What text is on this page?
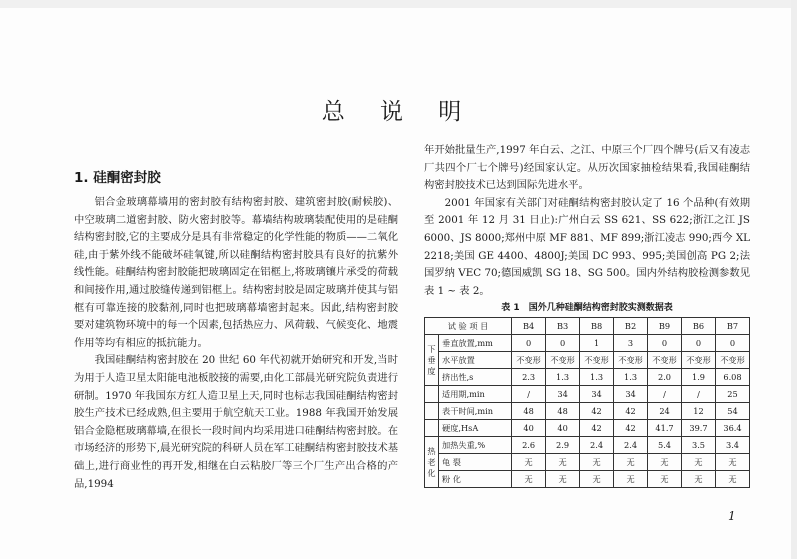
总 说 明
1. 硅酮密封胶

铝合金玻璃幕墙用的密封胶有结构密封胶、建筑密封胶(耐候胶)、中空玻璃二道密封胶、防火密封胶等。幕墙结构玻璃装配使用的是硅酮结构密封胶,它的主要成分是具有非常稳定的化学性能的物质——二氧化硅,由于紫外线不能破坏硅氧键,所以硅酮结构密封胶具有良好的抗紫外线性能。硅酮结构密封胶能把玻璃固定在铝框上,将玻璃镶片承受的荷载和间接作用,通过胶缝传递到铝框上。结构密封胶是固定玻璃并使其与铝框有可靠连接的胶黏剂,同时也把玻璃幕墙密封起来。因此,结构密封胶要对建筑物环境中的每一个因素,包括热应力、风荷载、气候变化、地震作用等均有相应的抵抗能力。

我国硅酮结构密封胶在 20 世纪 60 年代初就开始研究和开发,当时为用于人造卫星太阳能电池板胶接的需要,由化工部晨光研究院负责进行研制。1970 年我国东方红人造卫星上天,同时也标志我国硅酮结构密封胶生产技术已经成熟,但主要用于航空航天工业。1988 年我国开始发展铝合金隐框玻璃幕墙,在很长一段时间内均采用进口硅酮结构密封胶。在市场经济的形势下,晨光研究院的科研人员在军工硅酮结构密封胶技术基础上,进行商业性的再开发,相继在白云粘胶厂等三个厂生产出合格的产品,1994

年开始批量生产,1997 年白云、之江、中原三个厂四个牌号(后又有凌志厂共四个厂七个牌号)经国家认定。从历次国家抽检结果看,我国硅酮结构密封胶技术已达到国际先进水平。

2001 年国家有关部门对硅酮结构密封胶认定了 16 个品种(有效期至 2001 年 12 月 31 日止):广州白云 SS 621、SS 622;浙江之江 JS 6000、JS 8000;郑州中原 MF 881、MF 899;浙江凌志 990;西今 XL 2218;美国 GE 4400、4800J;美国 DC 993、995;美国创高 PG 2;法国罗纳 VEC 70;德国威凯 SG 18、SG 500。国内外结构胶检测参数见表 1 ~ 表 2。

表 1　国外几种硅酮结构密封胶实测数据表
试 验 项 目		B4	B3	B8	B2	B9	B6	B7
下垂度	垂直放置,mm	0	0	1	3	0	0	0
	水平放置	不变形	不变形	不变形	不变形	不变形	不变形	不变形
	挤出性,s	2.3	1.3	1.3	1.3	2.0	1.9	6.08
	适用期,min	/	34	34	34	/	/	25
	表干时间,min	48	48	42	42	24	12	54
	硬度,HsA	40	40	42	42	41.7	39.7	36.4
热老化	加热失重,%	2.6	2.9	2.4	2.4	5.4	3.5	3.4
	龟 裂	无	无	无	无	无	无	无
	粉 化	无	无	无	无	无	无	无
1
